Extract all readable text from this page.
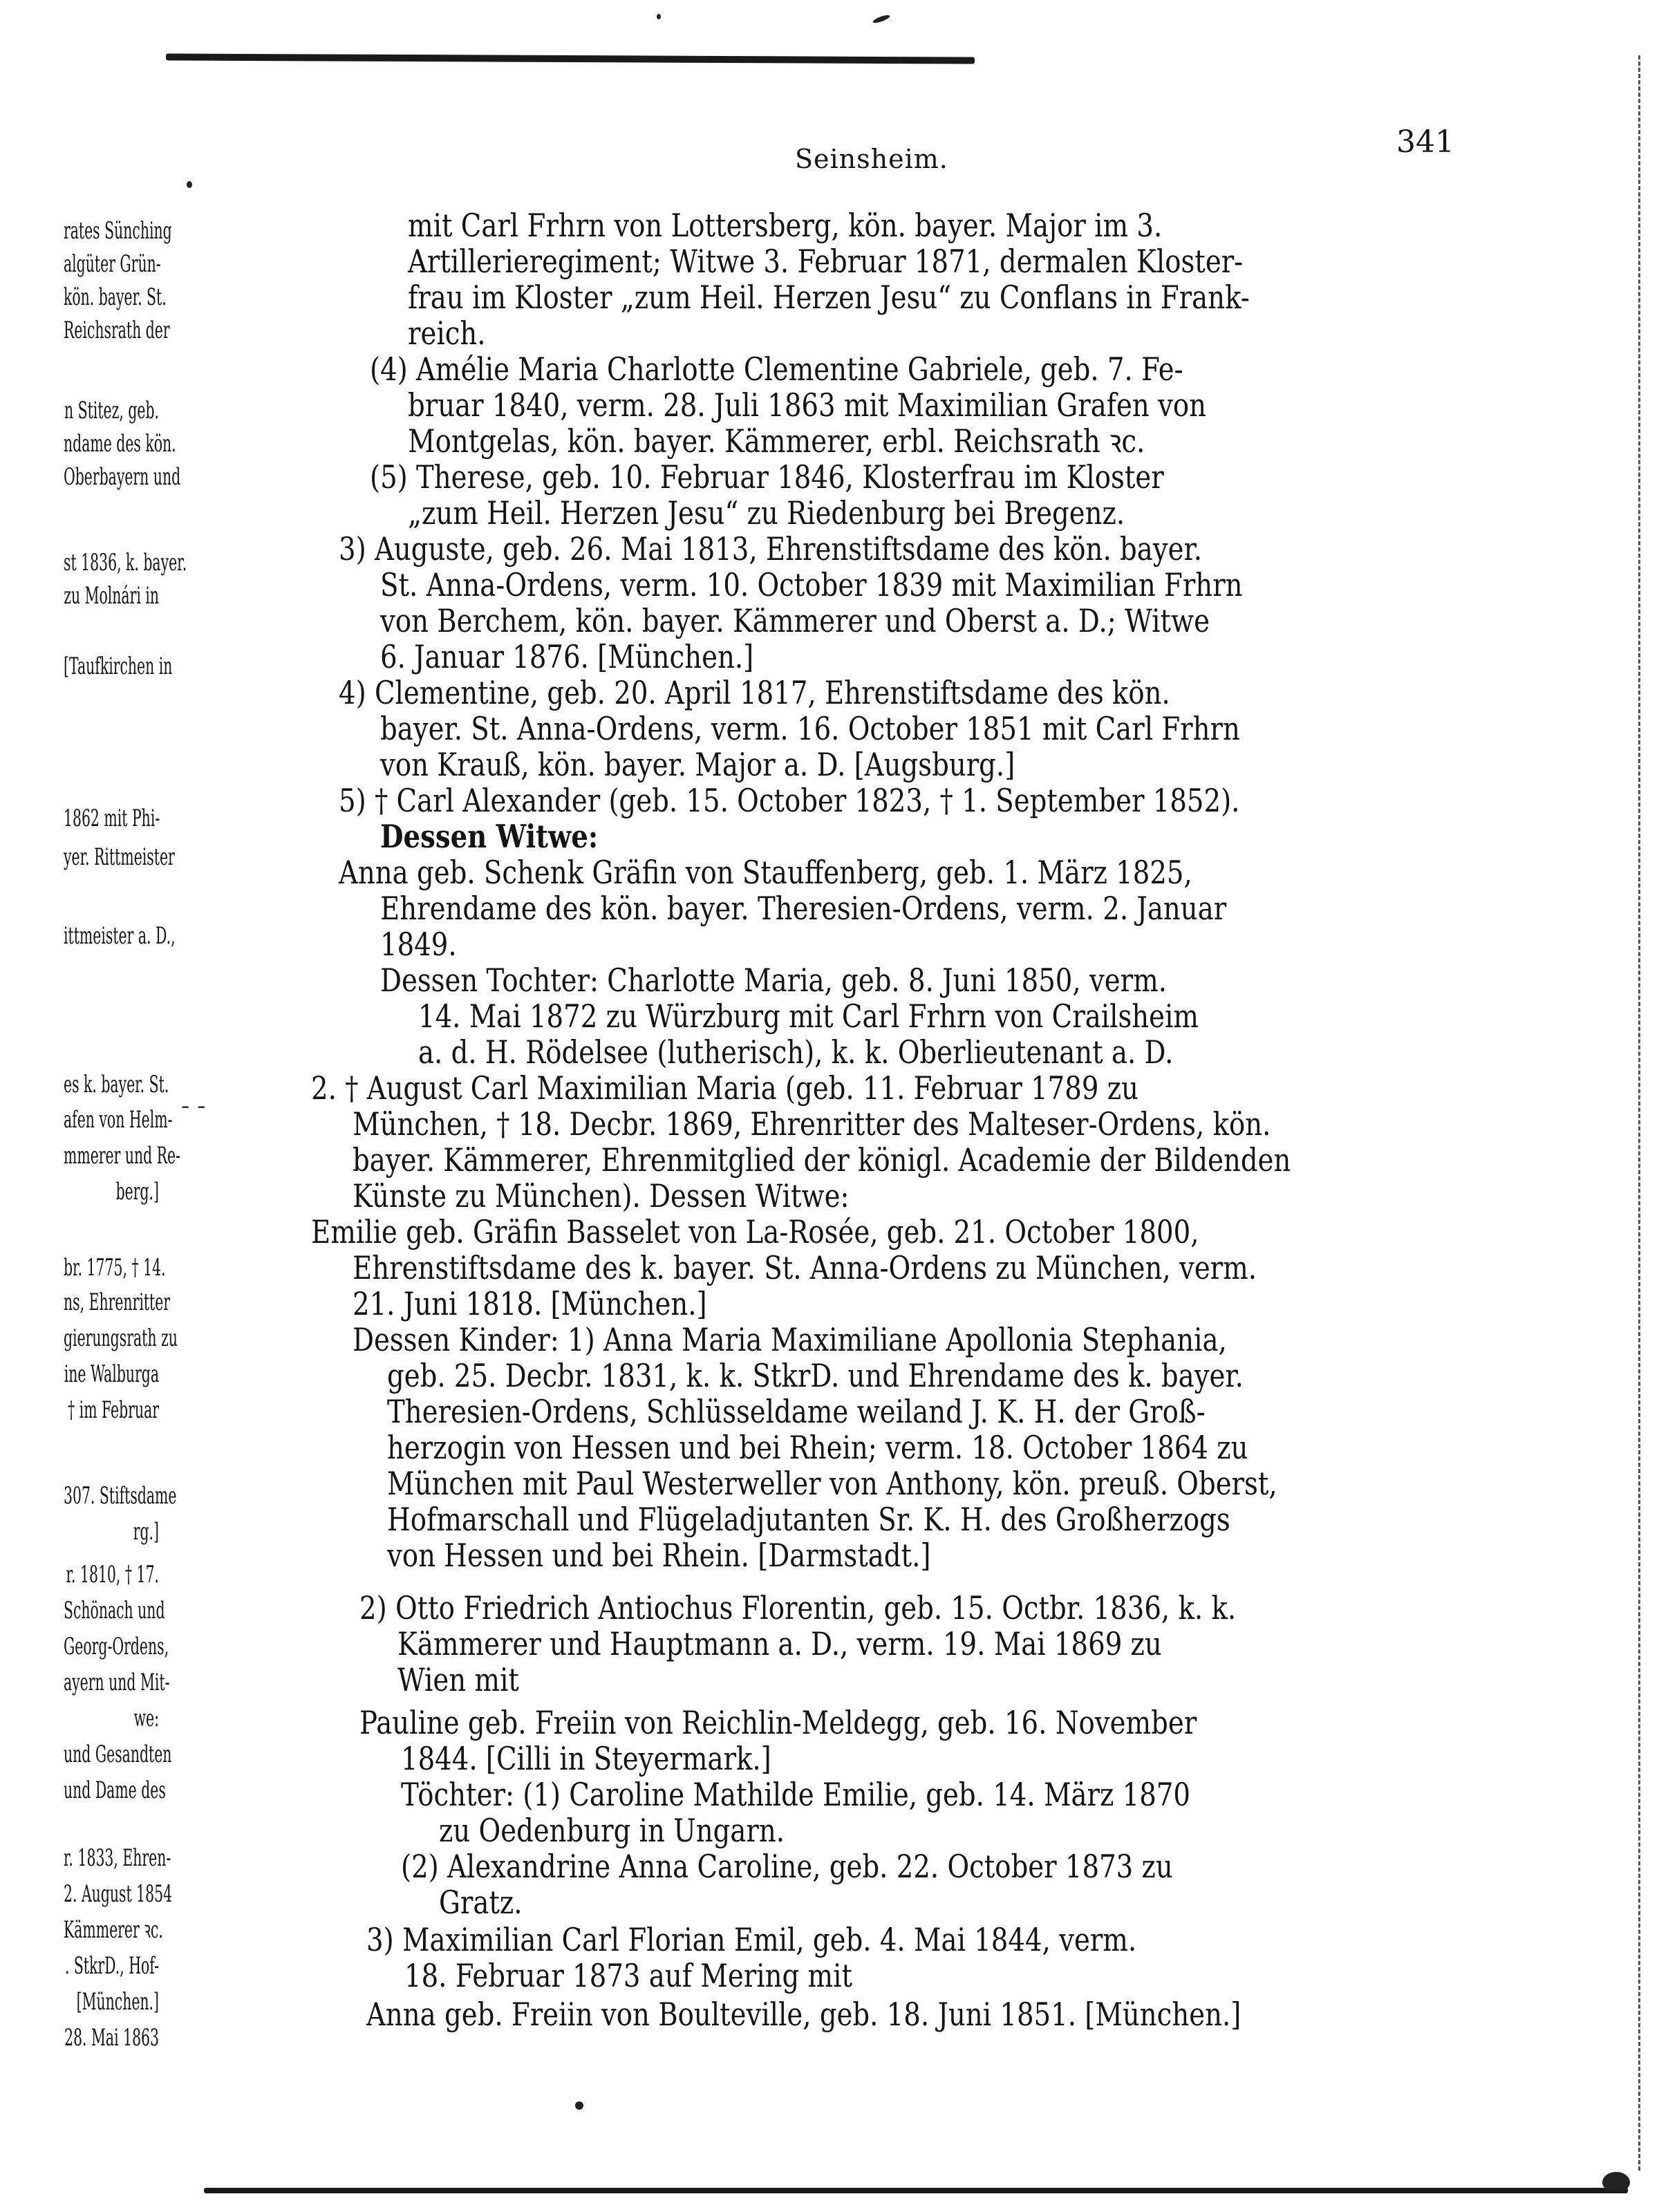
Seinsheim.	341
rates Sünching
algüter Grün-
kön. bayer. St.
Reichsrath der
n Stitez, geb.
ndame des kön.
Oberbayern und
st 1836, k. bayer.
zu Molnári in
[Taufkirchen in
1862 mit Phi-
yer. Rittmeister
ittmeister a. D.,
es k. bayer. St.
afen von Helm-
mmerer und Re-
berg.]
br. 1775, † 14.
ns, Ehrenritter
gierungsrath zu
ine Walburga
† im Februar
307. Stiftsdame
rg.]
r. 1810, † 17.
Schönach und
Georg-Ordens,
ayern und Mit-
we:
und Gesandten
und Dame des
r. 1833, Ehren-
2. August 1854
Kämmerer ꝛc.
. StkrD., Hof-
[München.]
28. Mai 1863
- -
mit Carl Frhrn von Lottersberg, kön. bayer. Major im 3.
Artillerieregiment; Witwe 3. Februar 1871, dermalen Kloster-
frau im Kloster „zum Heil. Herzen Jesu“ zu Conflans in Frank-
reich.
(4) Amélie Maria Charlotte Clementine Gabriele, geb. 7. Fe-
bruar 1840, verm. 28. Juli 1863 mit Maximilian Grafen von
Montgelas, kön. bayer. Kämmerer, erbl. Reichsrath ꝛc.
(5) Therese, geb. 10. Februar 1846, Klosterfrau im Kloster
„zum Heil. Herzen Jesu“ zu Riedenburg bei Bregenz.
3) Auguste, geb. 26. Mai 1813, Ehrenstiftsdame des kön. bayer.
St. Anna-Ordens, verm. 10. October 1839 mit Maximilian Frhrn
von Berchem, kön. bayer. Kämmerer und Oberst a. D.; Witwe
6. Januar 1876. [München.]
4) Clementine, geb. 20. April 1817, Ehrenstiftsdame des kön.
bayer. St. Anna-Ordens, verm. 16. October 1851 mit Carl Frhrn
von Krauß, kön. bayer. Major a. D. [Augsburg.]
5) † Carl Alexander (geb. 15. October 1823, † 1. September 1852).
Dessen Witwe:
Anna geb. Schenk Gräfin von Stauffenberg, geb. 1. März 1825,
Ehrendame des kön. bayer. Theresien-Ordens, verm. 2. Januar
1849.
Dessen Tochter: Charlotte Maria, geb. 8. Juni 1850, verm.
14. Mai 1872 zu Würzburg mit Carl Frhrn von Crailsheim
a. d. H. Rödelsee (lutherisch), k. k. Oberlieutenant a. D.
2. † August Carl Maximilian Maria (geb. 11. Februar 1789 zu
München, † 18. Decbr. 1869, Ehrenritter des Malteser-Ordens, kön.
bayer. Kämmerer, Ehrenmitglied der königl. Academie der Bildenden
Künste zu München). Dessen Witwe:
Emilie geb. Gräfin Basselet von La-Rosée, geb. 21. October 1800,
Ehrenstiftsdame des k. bayer. St. Anna-Ordens zu München, verm.
21. Juni 1818. [München.]
Dessen Kinder: 1) Anna Maria Maximiliane Apollonia Stephania,
geb. 25. Decbr. 1831, k. k. StkrD. und Ehrendame des k. bayer.
Theresien-Ordens, Schlüsseldame weiland J. K. H. der Groß-
herzogin von Hessen und bei Rhein; verm. 18. October 1864 zu
München mit Paul Westerweller von Anthony, kön. preuß. Oberst,
Hofmarschall und Flügeladjutanten Sr. K. H. des Großherzogs
von Hessen und bei Rhein. [Darmstadt.]
2) Otto Friedrich Antiochus Florentin, geb. 15. Octbr. 1836, k. k.
Kämmerer und Hauptmann a. D., verm. 19. Mai 1869 zu
Wien mit
Pauline geb. Freiin von Reichlin-Meldegg, geb. 16. November
1844. [Cilli in Steyermark.]
Töchter: (1) Caroline Mathilde Emilie, geb. 14. März 1870
zu Oedenburg in Ungarn.
(2) Alexandrine Anna Caroline, geb. 22. October 1873 zu
Gratz.
3) Maximilian Carl Florian Emil, geb. 4. Mai 1844, verm.
18. Februar 1873 auf Mering mit
Anna geb. Freiin von Boulteville, geb. 18. Juni 1851. [München.]
